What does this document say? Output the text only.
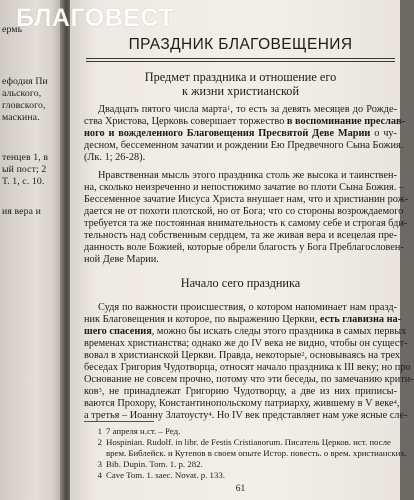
ермь
ефодия Пи
альского,
гловского,
маскина.
тенцев 1, в
ый пост; 2
Т. 1, с. 10.
ия вера и
БЛАГОВЕСТ
ПРАЗДНИК БЛАГОВЕЩЕНИЯ
Предмет праздника и отношение его
к жизни христианской
Двадцать пятого числа марта$^1$, то есть за девять месяцев до Рожде-
ства Христова, Церковь совершает торжество в воспоминание преслав-
ного и вожделенного Благовещения Пресвятой Деве Марии о чу-
десном, бессеменном зачатии и рождении Ею Предвечного Сына Божия.
(Лк. 1; 26-28).
Нравственная мысль этого праздника столь же высока и таинствен-
на, сколько неизреченно и непостижимо зачатие во плоти Сына Божия. –
Бессеменное зачатие Иисуса Христа внушает нам, что и христианин рож-
дается не от похоти плотской, но от Бога; что со стороны возрождаемого
требуется та же постоянная внимательность к самому себе и строгая бди-
тельность над собственным сердцем, та же живая вера и всецелая пре-
данность воле Божией, которые обрели благость у Бога Преблагословен-
ной Деве Марии.
Начало сего праздника
Судя по важности происшествия, о котором напоминает нам празд-
ник Благовещения и которое, по выражению Церкви, есть главизна на-
шего спасения, можно бы искать следы этого праздника в самых первых
временах христианства; однако же до IV века не видно, чтобы он сущест-
вовал в христианской Церкви. Правда, некоторые$^2$, основываясь на трех
беседах Григория Чудотворца, относят начало праздника к III веку; но про
Основание не совсем прочно, потому что эти беседы, по замечанию крити-
ков$^3$, не принадлежат Григорию Чудотворцу, а две из них приписы-
ваются Прохору, Константинопольскому патриарху, жившему в V веке$^4$,
а третья – Иоанну Златоусту$^4$. Но IV век представляет нам уже ясные сле-
1 7 апреля н.ст. – Ред.
2 Hospinian. Rudolf. in libr. de Festis Cristianorum. Писатель Церков. ист. после
врем. Библейск. и Кутепов в своем опыте Истор. повесть. о врем. христианских.
3 Bib. Dupin. Tom. 1. p. 282.
4 Cave Tom. 1. saec. Novat. p. 133.
61
